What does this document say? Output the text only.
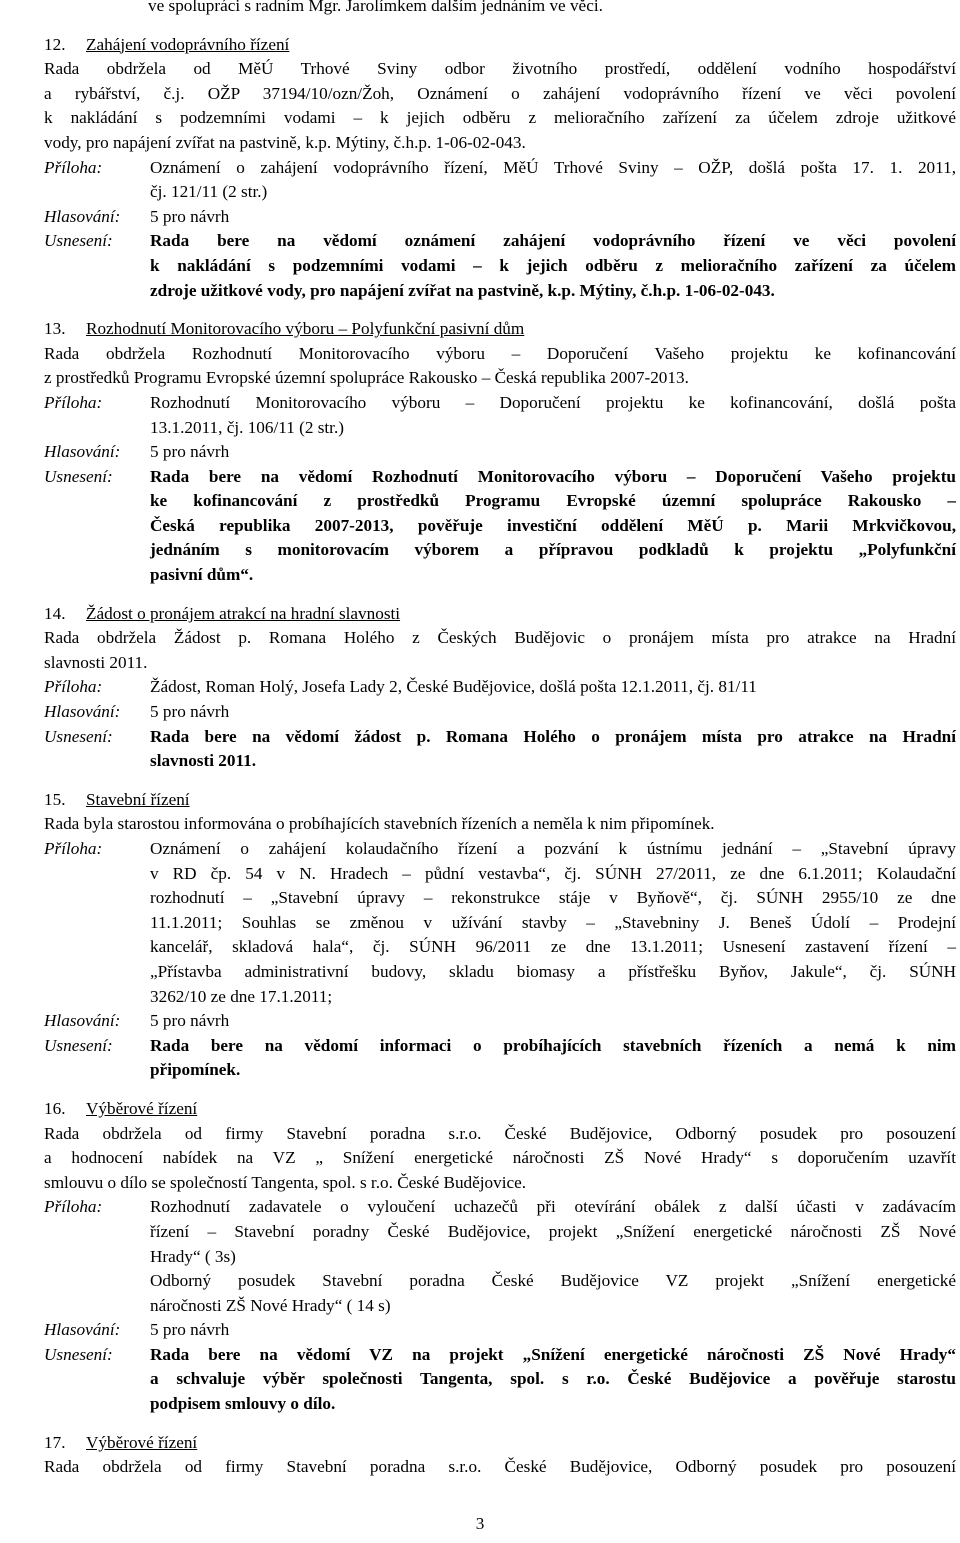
ve spolupráci s radním Mgr. Jarolímkem dalším jednáním ve věci.
12.	Zahájení vodoprávního řízení
Rada obdržela od MěÚ Trhové Sviny odbor životního prostředí, oddělení vodního hospodářství
a rybářství, č.j. OŽP 37194/10/ozn/Žoh, Oznámení o zahájení vodoprávního řízení ve věci povolení
k nakládání s podzemními vodami – k jejich odběru z melioračního zařízení za účelem zdroje užitkové
vody, pro napájení zvířat na pastvině, k.p. Mýtiny, č.h.p. 1-06-02-043.
Příloha:	Oznámení o zahájení vodoprávního řízení, MěÚ Trhové Sviny – OŽP, došlá pošta 17. 1. 2011,
čj. 121/11 (2 str.)
Hlasování:	5 pro návrh
Usnesení:	Rada bere na vědomí oznámení zahájení vodoprávního řízení ve věci povolení
k nakládání s podzemními vodami – k jejich odběru z melioračního zařízení za účelem
zdroje užitkové vody, pro napájení zvířat na pastvině, k.p. Mýtiny, č.h.p. 1-06-02-043.
13.	Rozhodnutí Monitorovacího výboru – Polyfunkční pasivní dům
Rada obdržela Rozhodnutí Monitorovacího výboru – Doporučení Vašeho projektu ke kofinancování
z prostředků Programu Evropské územní spolupráce Rakousko – Česká republika 2007-2013.
Příloha:	Rozhodnutí Monitorovacího výboru – Doporučení projektu ke kofinancování, došlá pošta
13.1.2011, čj. 106/11 (2 str.)
Hlasování:	5 pro návrh
Usnesení:	Rada bere na vědomí Rozhodnutí Monitorovacího výboru – Doporučení Vašeho projektu
ke kofinancování z prostředků Programu Evropské územní spolupráce Rakousko –
Česká republika 2007-2013, pověřuje investiční oddělení MěÚ p. Marii Mrkvičkovou,
jednáním s monitorovacím výborem a přípravou podkladů k projektu „Polyfunkční
pasivní dům“.
14.	Žádost o pronájem atrakcí na hradní slavnosti
Rada obdržela Žádost p. Romana Holého z Českých Budějovic o pronájem místa pro atrakce na Hradní
slavnosti 2011.
Příloha:	Žádost, Roman Holý, Josefa Lady 2, České Budějovice, došlá pošta 12.1.2011, čj. 81/11
Hlasování:	5 pro návrh
Usnesení:	Rada bere na vědomí žádost p. Romana Holého o pronájem místa pro atrakce na Hradní
slavnosti 2011.
15.	Stavební řízení
Rada byla starostou informována o probíhajících stavebních řízeních a neměla k nim připomínek.
Příloha:	Oznámení o zahájení kolaudačního řízení a pozvání k ústnímu jednání – „Stavební úpravy
v RD čp. 54 v N. Hradech – půdní vestavba“, čj. SÚNH 27/2011, ze dne 6.1.2011; Kolaudační
rozhodnutí – „Stavební úpravy – rekonstrukce stáje v Byňově“, čj. SÚNH 2955/10 ze dne
11.1.2011; Souhlas se změnou v užívání stavby – „Stavebniny J. Beneš Údolí – Prodejní
kancelář, skladová hala“, čj. SÚNH 96/2011 ze dne 13.1.2011; Usnesení zastavení řízení –
„Přístavba administrativní budovy, skladu biomasy a přístřešku Byňov, Jakule“, čj. SÚNH
3262/10 ze dne 17.1.2011;
Hlasování:	5 pro návrh
Usnesení:	Rada bere na vědomí informaci o probíhajících stavebních řízeních a nemá k nim
připomínek.
16.	Výběrové řízení
Rada obdržela od firmy Stavební poradna s.r.o. České Budějovice, Odborný posudek pro posouzení
a hodnocení nabídek na VZ „ Snížení energetické náročnosti ZŠ Nové Hrady“ s doporučením uzavřít
smlouvu o dílo se společností Tangenta, spol. s r.o. České Budějovice.
Příloha:	Rozhodnutí zadavatele o vyloučení uchazečů při otevírání obálek z další účasti v zadávacím
řízení – Stavební poradny České Budějovice, projekt „Snížení energetické náročnosti ZŠ Nové
Hrady“ ( 3s)
Odborný posudek Stavební poradna České Budějovice VZ projekt „Snížení energetické
náročnosti ZŠ Nové Hrady“ ( 14 s)
Hlasování:	5 pro návrh
Usnesení:	Rada bere na vědomí VZ na projekt „Snížení energetické náročnosti ZŠ Nové Hrady“
a schvaluje výběr společnosti Tangenta, spol. s r.o. České Budějovice a pověřuje starostu
podpisem smlouvy o dílo.
17.	Výběrové řízení
Rada obdržela od firmy Stavební poradna s.r.o. České Budějovice, Odborný posudek pro posouzení
3
